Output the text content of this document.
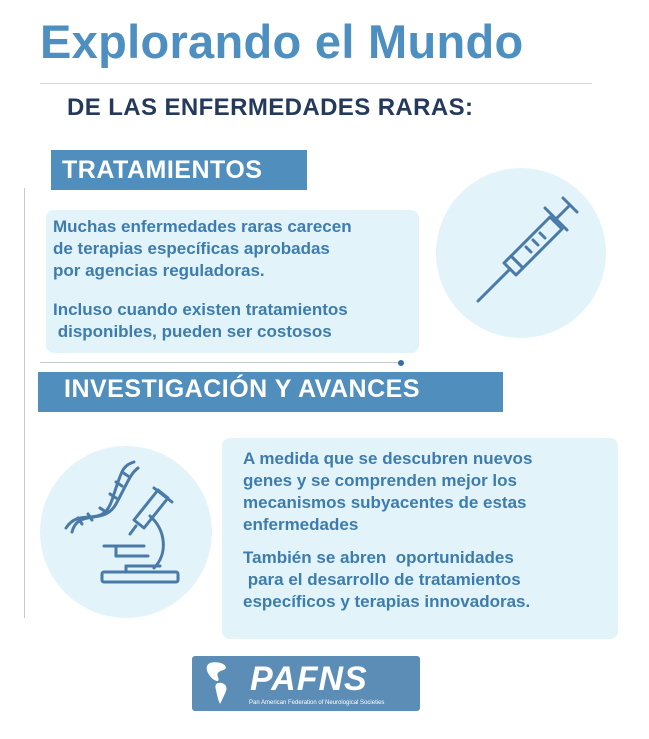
Explorando el Mundo
DE LAS ENFERMEDADES RARAS:
TRATAMIENTOS

Muchas enfermedades raras carecen

de terapias específicas aprobadas

por agencias reguladoras.

Incluso cuando existen tratamientos

disponibles, pueden ser costosos

INVESTIGACIÓN Y AVANCES

A medida que se descubren nuevos

genes y se comprenden mejor los

mecanismos subyacentes de estas

enfermedades

También se abren  oportunidades

para el desarrollo de tratamientos

específicos y terapias innovadoras.

PAFNS
Pan American Federation of Neurological Societies
